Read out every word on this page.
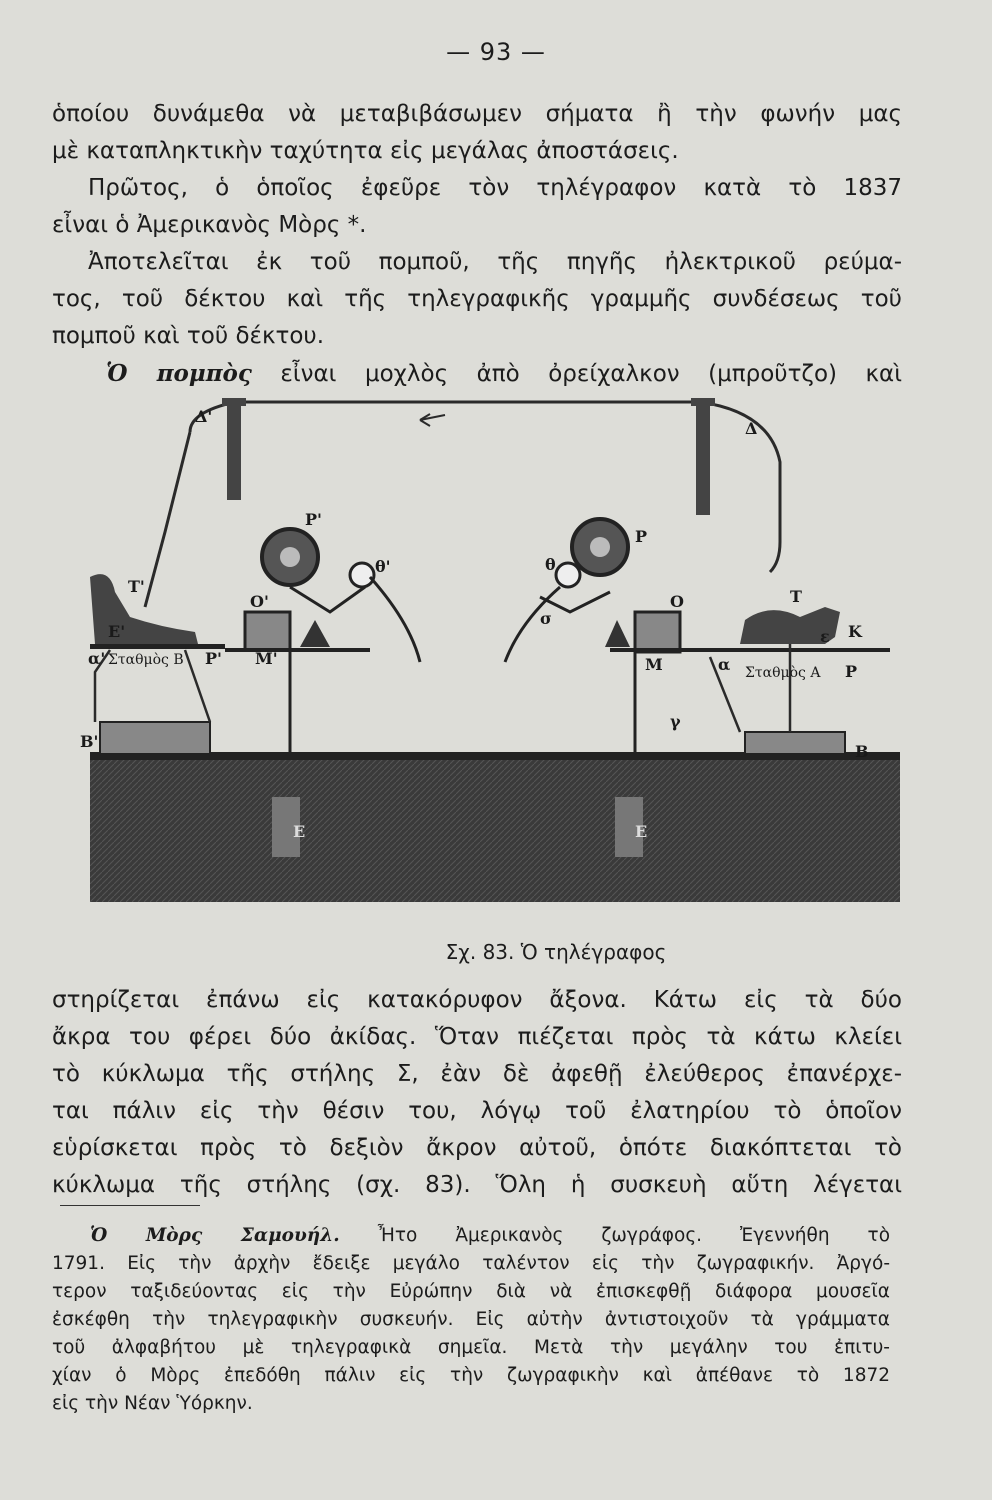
— 93 —
ὁποίου δυνάμεθα νὰ μεταβιβάσωμεν σήματα ἢ τὴν φωνήν μας
μὲ καταπληκτικὴν ταχύτητα εἰς μεγάλας ἀποστάσεις.
Πρῶτος, ὁ ὁποῖος ἐφεῦρε τὸν τηλέγραφον κατὰ τὸ 1837
εἶναι ὁ Ἀμερικανὸς Μὸρς *.
Ἀποτελεῖται ἐκ τοῦ πομποῦ, τῆς πηγῆς ἠλεκτρικοῦ ρεύμα-
τος, τοῦ δέκτου καὶ τῆς τηλεγραφικῆς γραμμῆς συνδέσεως τοῦ
πομποῦ καὶ τοῦ δέκτου.
Ὁ πομπὸς εἶναι μοχλὸς ἀπὸ ὀρείχαλκον (μπροῦτζο) καὶ
Δ'
Δ
Ρ'
Ρ
θ'	θ
Ο'	Ο
Τ'
Τ
Ε'	ε Κ
Μ'	Μ
α'	α
Ρ'
Ρ
Σταθμὸς Β
Σταθμὸς Α
Β'
Β
Ε	Ε
γ
σ
Σχ. 83. Ὁ τηλέγραφος
στηρίζεται ἐπάνω εἰς κατακόρυφον ἄξονα. Κάτω εἰς τὰ δύο
ἄκρα του φέρει δύο ἀκίδας. Ὅταν πιέζεται πρὸς τὰ κάτω κλείει
τὸ κύκλωμα τῆς στήλης Σ, ἐὰν δὲ ἀφεθῇ ἐλεύθερος ἐπανέρχε-
ται πάλιν εἰς τὴν θέσιν του, λόγῳ τοῦ ἐλατηρίου τὸ ὁποῖον
εὑρίσκεται πρὸς τὸ δεξιὸν ἄκρον αὐτοῦ, ὁπότε διακόπτεται τὸ
κύκλωμα τῆς στήλης (σχ. 83). Ὅλη ἡ συσκευὴ αὕτη λέγεται
Ὁ Μὸρς Σαμουήλ. Ἦτο Ἀμερικανὸς ζωγράφος. Ἐγεννήθη τὸ
1791. Εἰς τὴν ἀρχὴν ἔδειξε μεγάλο ταλέντον εἰς τὴν ζωγραφικήν. Ἀργό-
τερον ταξιδεύοντας εἰς τὴν Εὐρώπην διὰ νὰ ἐπισκεφθῇ διάφορα μουσεῖα
ἐσκέφθη τὴν τηλεγραφικὴν συσκευήν. Εἰς αὐτὴν ἀντιστοιχοῦν τὰ γράμματα
τοῦ ἀλφαβήτου μὲ τηλεγραφικὰ σημεῖα. Μετὰ τὴν μεγάλην του ἐπιτυ-
χίαν ὁ Μὸρς ἐπεδόθη πάλιν εἰς τὴν ζωγραφικὴν καὶ ἀπέθανε τὸ 1872
εἰς τὴν Νέαν Ὑόρκην.
